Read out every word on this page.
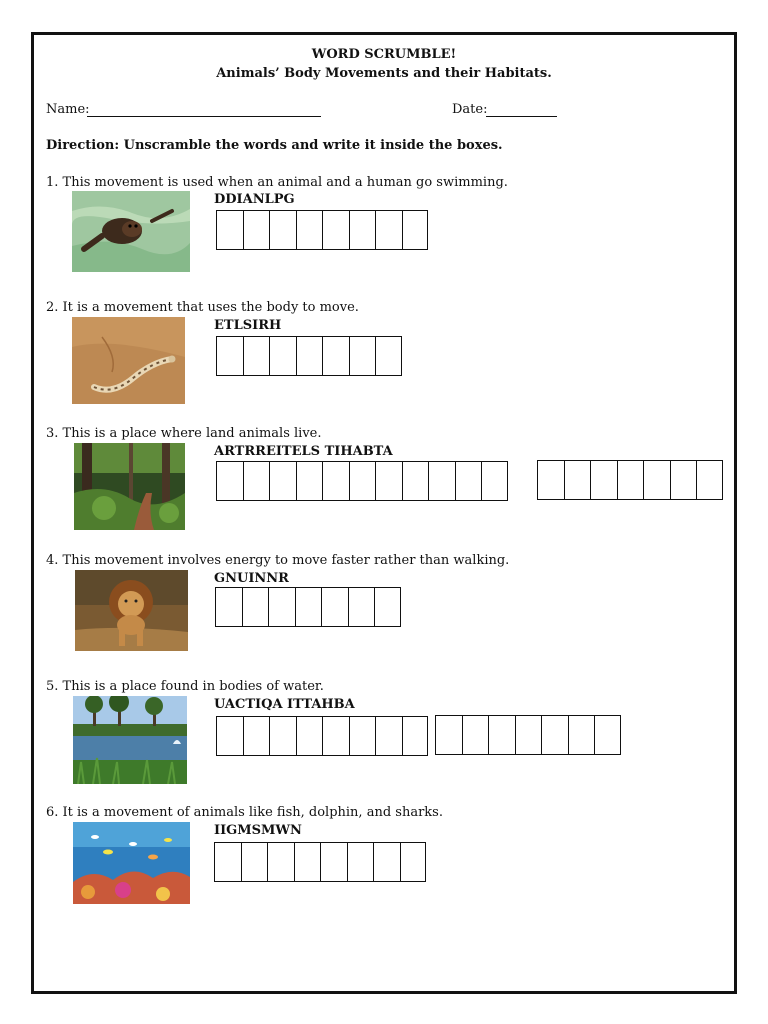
WORD SCRUMBLE!
Animals’ Body Movements and their Habitats.
Name:	Date:
Direction: Unscramble the words and write it inside the boxes.
1. This movement is used when an animal and a human go swimming.
DDIANLPG
2. It is a movement that uses the body to move.
ETLSIRH
3. This is a place where land animals live.
ARTRREITELS TIHABTA
4. This movement involves energy to move faster rather than walking.
GNUINNR
5. This is a place found in bodies of water.
UACTIQA ITTAHBA
6. It is a movement of animals like fish, dolphin, and sharks.
IIGMSMWN
